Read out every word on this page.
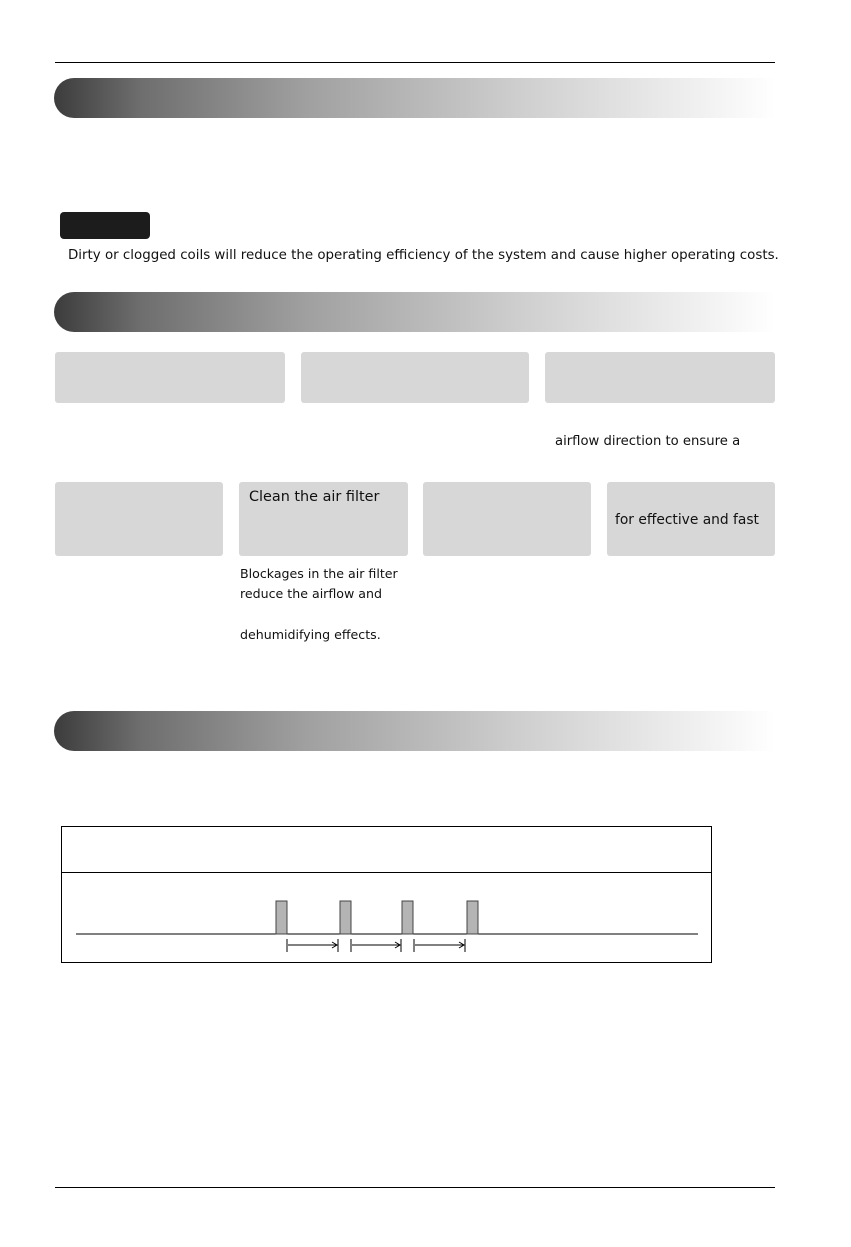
Dirty or clogged coils will reduce the operating efficiency of the system and cause higher operating costs.
airflow direction to ensure a
Clean the air filter
for effective and fast
Blockages in the air filter
reduce the airflow and
dehumidifying effects.
